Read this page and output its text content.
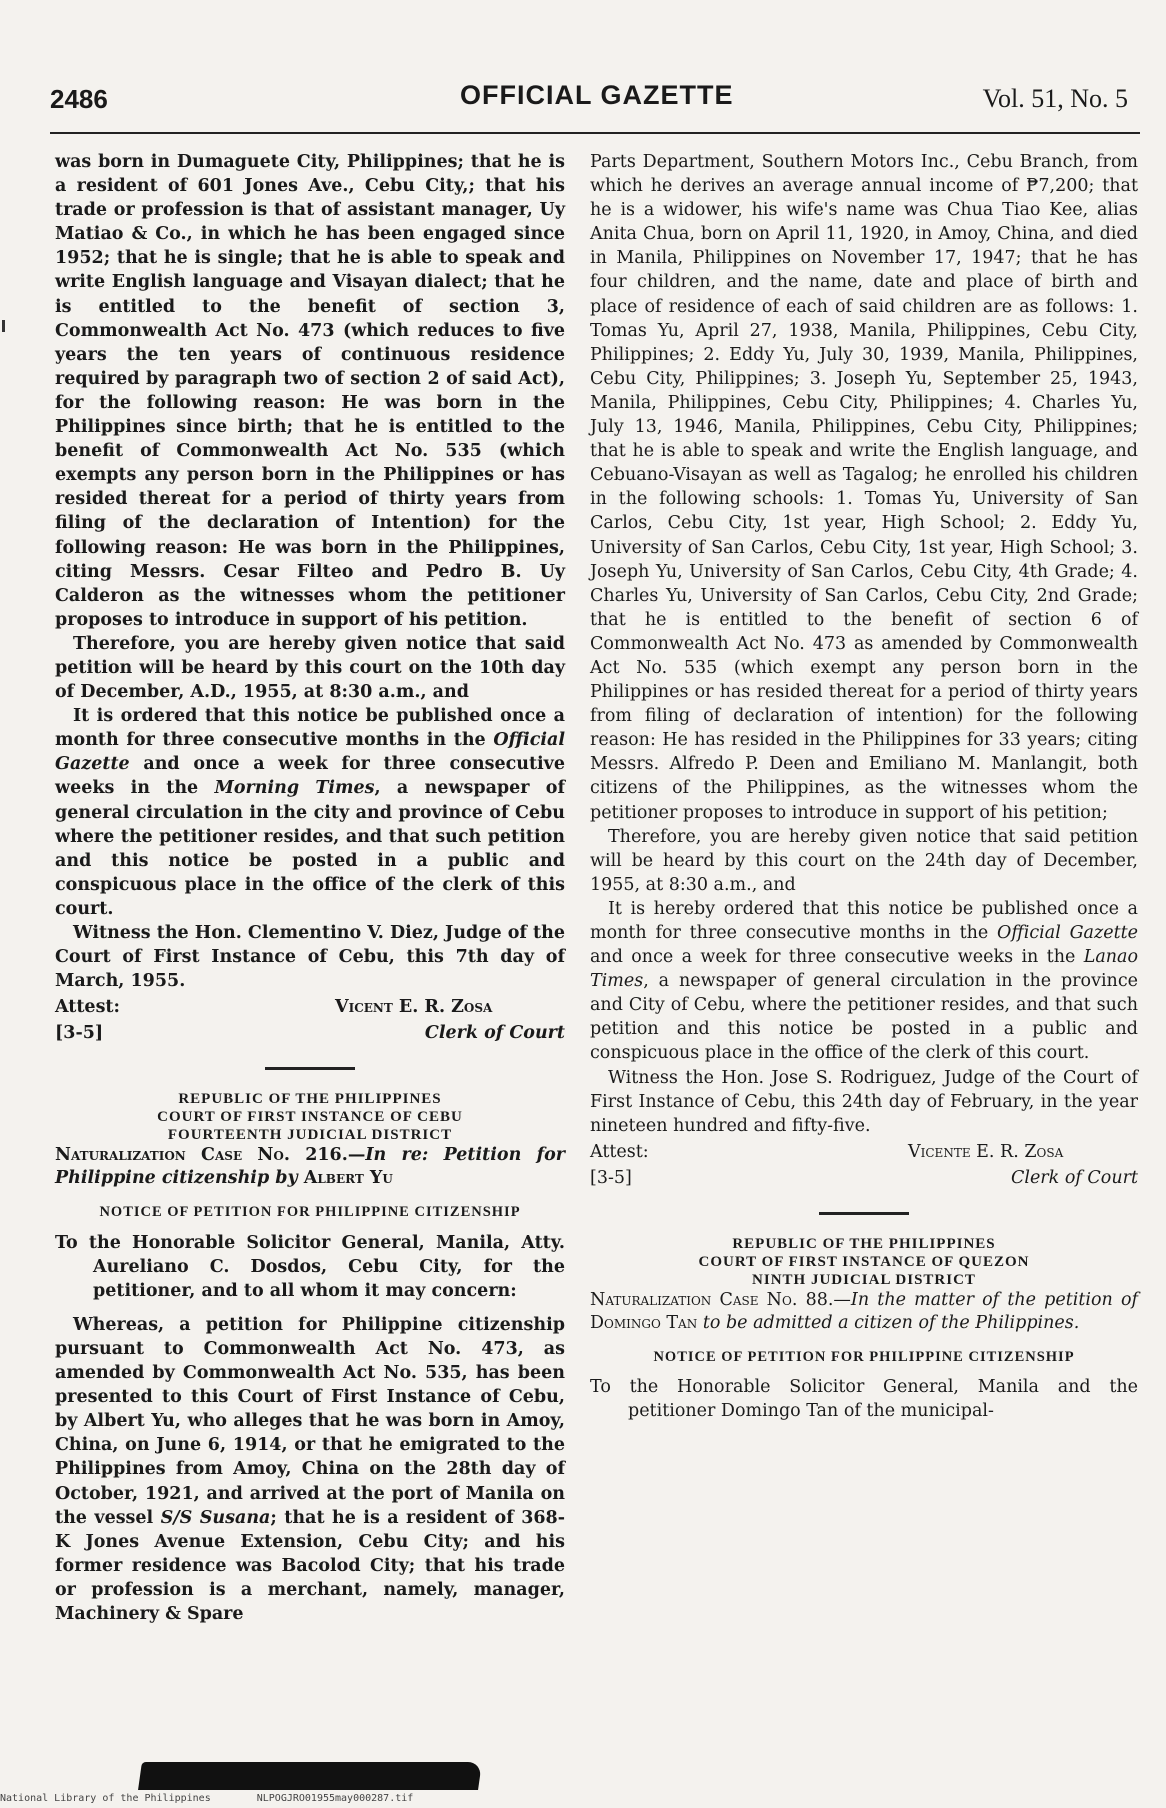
2486	OFFICIAL GAZETTE	Vol. 51, No. 5

was born in Dumaguete City, Philippines; that he is a resident of 601 Jones Ave., Cebu City,; that his trade or profession is that of assistant manager, Uy Matiao & Co., in which he has been engaged since 1952; that he is single; that he is able to speak and write English language and Visayan dialect; that he is entitled to the benefit of section 3, Commonwealth Act No. 473 (which reduces to five years the ten years of continuous residence required by paragraph two of section 2 of said Act), for the following reason: He was born in the Philippines since birth; that he is entitled to the benefit of Commonwealth Act No. 535 (which exempts any person born in the Philippines or has resided thereat for a period of thirty years from filing of the declaration of Intention) for the following reason: He was born in the Philippines, citing Messrs. Cesar Filteo and Pedro B. Uy Calderon as the witnesses whom the petitioner proposes to introduce in support of his petition.

Therefore, you are hereby given notice that said petition will be heard by this court on the 10th day of December, A.D., 1955, at 8:30 a.m., and

It is ordered that this notice be published once a month for three consecutive months in the Official Gazette and once a week for three consecutive weeks in the Morning Times, a newspaper of general circulation in the city and province of Cebu where the petitioner resides, and that such petition and this notice be posted in a public and conspicuous place in the office of the clerk of this court.

Witness the Hon. Clementino V. Diez, Judge of the Court of First Instance of Cebu, this 7th day of March, 1955.

Attest:	Vicent E. R. Zosa
[3-5]	Clerk of Court
REPUBLIC OF THE PHILIPPINES
COURT OF FIRST INSTANCE OF CEBU
FOURTEENTH JUDICIAL DISTRICT

Naturalization Case No. 216.—In re: Petition for Philippine citizenship by Albert Yu

NOTICE OF PETITION FOR PHILIPPINE CITIZENSHIP

To the Honorable Solicitor General, Manila, Atty. Aureliano C. Dosdos, Cebu City, for the petitioner, and to all whom it may concern:

Whereas, a petition for Philippine citizenship pursuant to Commonwealth Act No. 473, as amended by Commonwealth Act No. 535, has been presented to this Court of First Instance of Cebu, by Albert Yu, who alleges that he was born in Amoy, China, on June 6, 1914, or that he emigrated to the Philippines from Amoy, China on the 28th day of October, 1921, and arrived at the port of Manila on the vessel S/S Susana; that he is a resident of 368-K Jones Avenue Extension, Cebu City; and his former residence was Bacolod City; that his trade or profession is a merchant, namely, manager, Machinery & Spare

Parts Department, Southern Motors Inc., Cebu Branch, from which he derives an average annual income of ₱7,200; that he is a widower, his wife's name was Chua Tiao Kee, alias Anita Chua, born on April 11, 1920, in Amoy, China, and died in Manila, Philippines on November 17, 1947; that he has four children, and the name, date and place of birth and place of residence of each of said children are as follows: 1. Tomas Yu, April 27, 1938, Manila, Philippines, Cebu City, Philippines; 2. Eddy Yu, July 30, 1939, Manila, Philippines, Cebu City, Philippines; 3. Joseph Yu, September 25, 1943, Manila, Philippines, Cebu City, Philippines; 4. Charles Yu, July 13, 1946, Manila, Philippines, Cebu City, Philippines; that he is able to speak and write the English language, and Cebuano-Visayan as well as Tagalog; he enrolled his children in the following schools: 1. Tomas Yu, University of San Carlos, Cebu City, 1st year, High School; 2. Eddy Yu, University of San Carlos, Cebu City, 1st year, High School; 3. Joseph Yu, University of San Carlos, Cebu City, 4th Grade; 4. Charles Yu, University of San Carlos, Cebu City, 2nd Grade; that he is entitled to the benefit of section 6 of Commonwealth Act No. 473 as amended by Commonwealth Act No. 535 (which exempt any person born in the Philippines or has resided thereat for a period of thirty years from filing of declaration of intention) for the following reason: He has resided in the Philippines for 33 years; citing Messrs. Alfredo P. Deen and Emiliano M. Manlangit, both citizens of the Philippines, as the witnesses whom the petitioner proposes to introduce in support of his petition;

Therefore, you are hereby given notice that said petition will be heard by this court on the 24th day of December, 1955, at 8:30 a.m., and

It is hereby ordered that this notice be published once a month for three consecutive months in the Official Gazette and once a week for three consecutive weeks in the Lanao Times, a newspaper of general circulation in the province and City of Cebu, where the petitioner resides, and that such petition and this notice be posted in a public and conspicuous place in the office of the clerk of this court.

Witness the Hon. Jose S. Rodriguez, Judge of the Court of First Instance of Cebu, this 24th day of February, in the year nineteen hundred and fifty-five.

Attest:	Vicente E. R. Zosa
[3-5]	Clerk of Court
REPUBLIC OF THE PHILIPPINES
COURT OF FIRST INSTANCE OF QUEZON
NINTH JUDICIAL DISTRICT

Naturalization Case No. 88.—In the matter of the petition of Domingo Tan to be admitted a citizen of the Philippines.

NOTICE OF PETITION FOR PHILIPPINE CITIZENSHIP

To the Honorable Solicitor General, Manila and the petitioner Domingo Tan of the municipal-

National Library of the Philippines	NLPOGJRO01955may000287.tif
